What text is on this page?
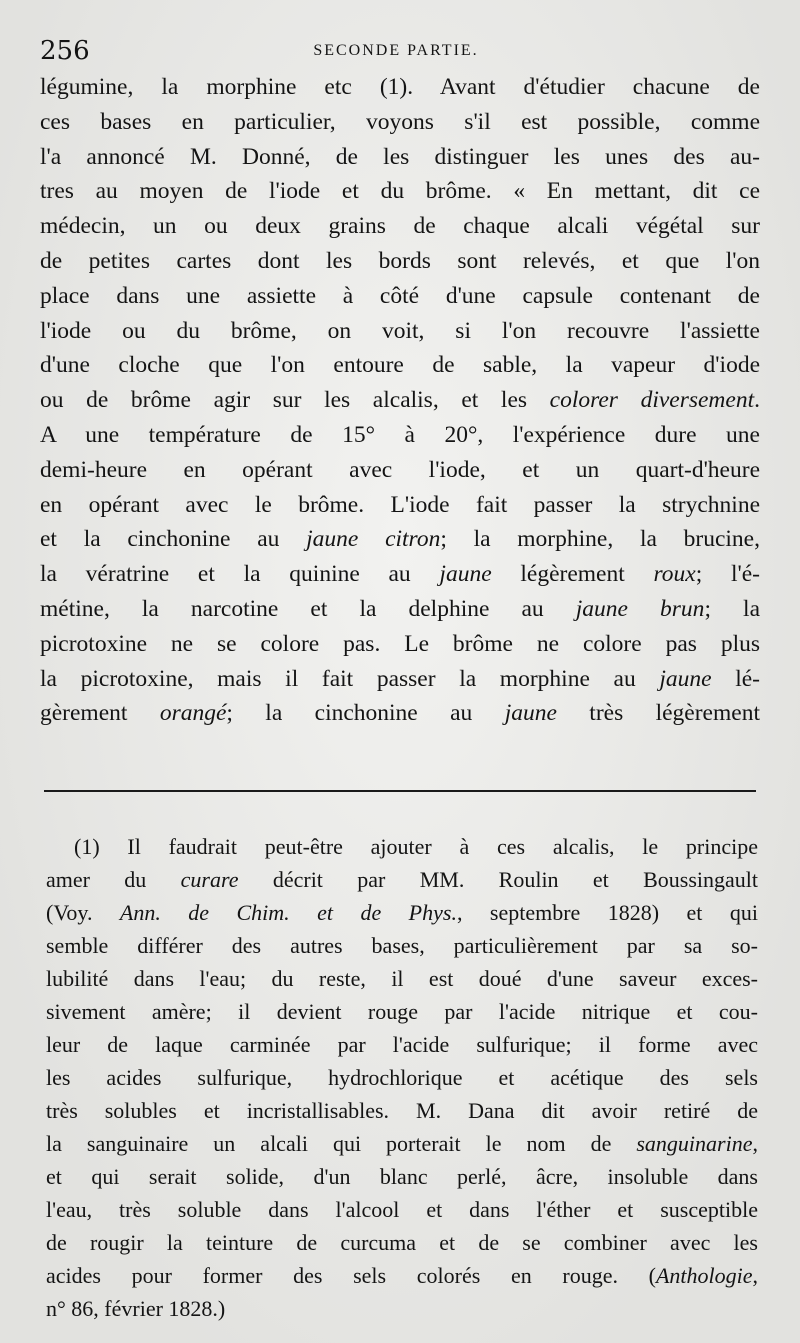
256	SECONDE PARTIE.
légumine, la morphine etc (1). Avant d'étudier chacune de
ces bases en particulier, voyons s'il est possible, comme
l'a annoncé M. Donné, de les distinguer les unes des au-
tres au moyen de l'iode et du brôme. « En mettant, dit ce
médecin, un ou deux grains de chaque alcali végétal sur
de petites cartes dont les bords sont relevés, et que l'on
place dans une assiette à côté d'une capsule contenant de
l'iode ou du brôme, on voit, si l'on recouvre l'assiette
d'une cloche que l'on entoure de sable, la vapeur d'iode
ou de brôme agir sur les alcalis, et les colorer diversement.
A une température de 15° à 20°, l'expérience dure une
demi-heure en opérant avec l'iode, et un quart-d'heure
en opérant avec le brôme. L'iode fait passer la strychnine
et la cinchonine au jaune citron; la morphine, la brucine,
la vératrine et la quinine au jaune légèrement roux; l'é-
métine, la narcotine et la delphine au jaune brun; la
picrotoxine ne se colore pas. Le brôme ne colore pas plus
la picrotoxine, mais il fait passer la morphine au jaune lé-
gèrement orangé; la cinchonine au jaune très légèrement
(1) Il faudrait peut-être ajouter à ces alcalis, le principe
amer du curare décrit par MM. Roulin et Boussingault
(Voy. Ann. de Chim. et de Phys., septembre 1828) et qui
semble différer des autres bases, particulièrement par sa so-
lubilité dans l'eau; du reste, il est doué d'une saveur exces-
sivement amère; il devient rouge par l'acide nitrique et cou-
leur de laque carminée par l'acide sulfurique; il forme avec
les acides sulfurique, hydrochlorique et acétique des sels
très solubles et incristallisables. M. Dana dit avoir retiré de
la sanguinaire un alcali qui porterait le nom de sanguinarine,
et qui serait solide, d'un blanc perlé, âcre, insoluble dans
l'eau, très soluble dans l'alcool et dans l'éther et susceptible
de rougir la teinture de curcuma et de se combiner avec les
acides pour former des sels colorés en rouge. (Anthologie,
n° 86, février 1828.)
